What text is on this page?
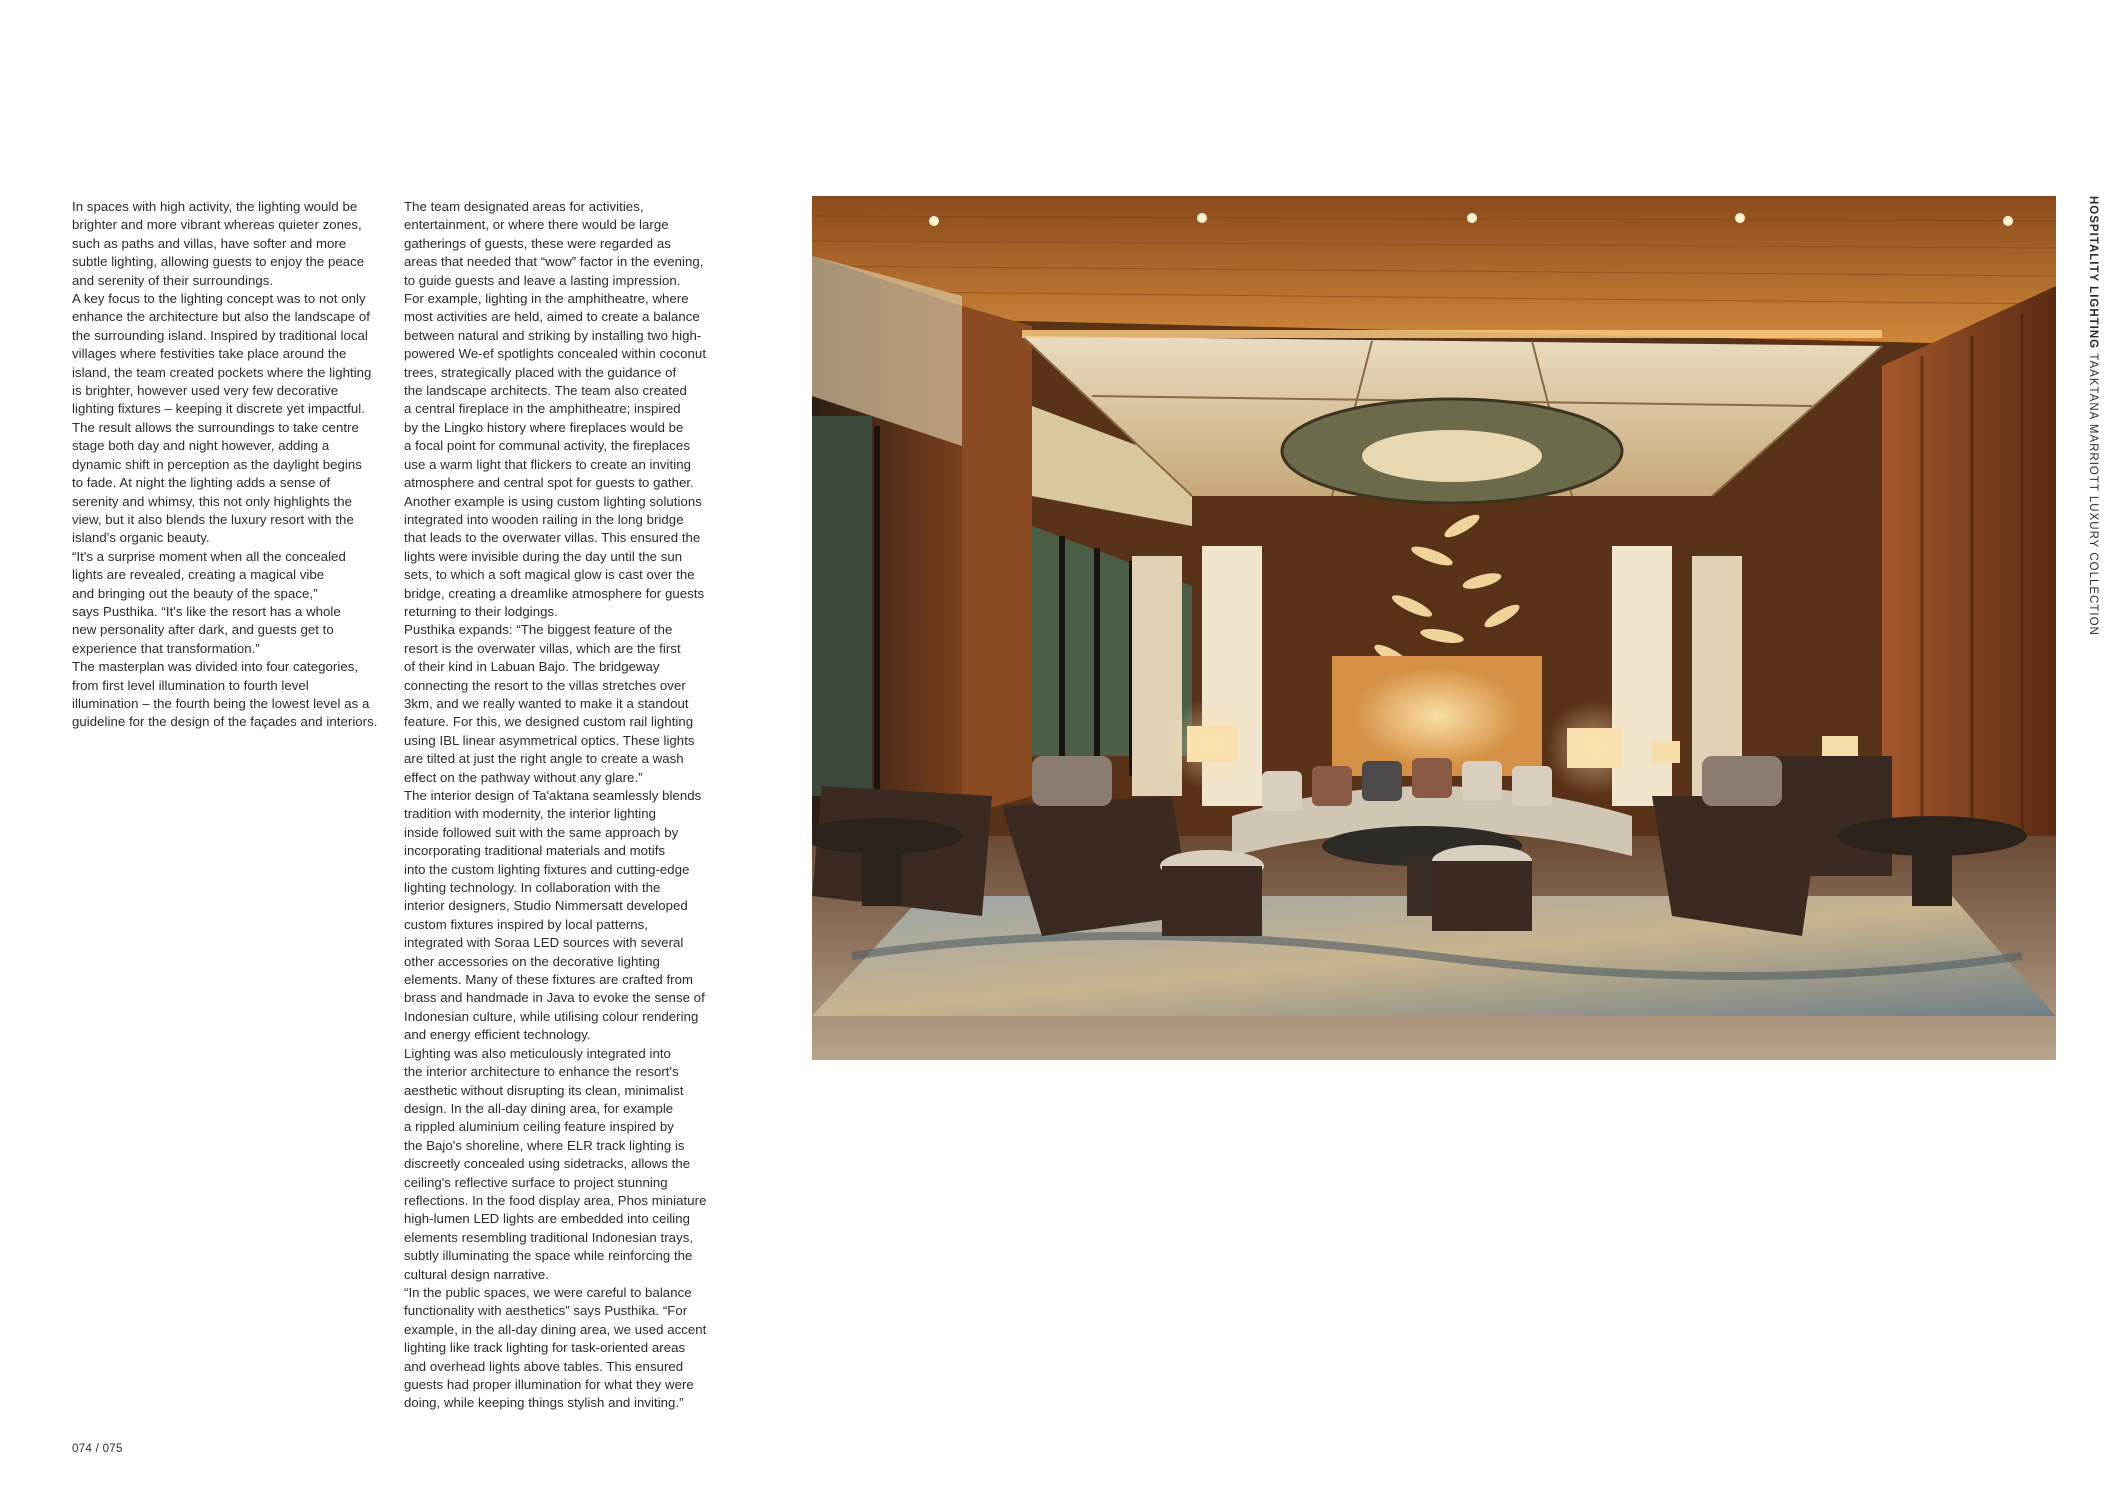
In spaces with high activity, the lighting would be
brighter and more vibrant whereas quieter zones,
such as paths and villas, have softer and more
subtle lighting, allowing guests to enjoy the peace
and serenity of their surroundings.

A key focus to the lighting concept was to not only
enhance the architecture but also the landscape of
the surrounding island. Inspired by traditional local
villages where festivities take place around the
island, the team created pockets where the lighting
is brighter, however used very few decorative
lighting fixtures – keeping it discrete yet impactful.
The result allows the surroundings to take centre
stage both day and night however, adding a
dynamic shift in perception as the daylight begins
to fade. At night the lighting adds a sense of
serenity and whimsy, this not only highlights the
view, but it also blends the luxury resort with the
island's organic beauty.

“It's a surprise moment when all the concealed
lights are revealed, creating a magical vibe
and bringing out the beauty of the space,”
says Pusthika. “It's like the resort has a whole
new personality after dark, and guests get to
experience that transformation.”

The masterplan was divided into four categories,
from first level illumination to fourth level
illumination – the fourth being the lowest level as a
guideline for the design of the façades and interiors.

The team designated areas for activities,
entertainment, or where there would be large
gatherings of guests, these were regarded as
areas that needed that “wow” factor in the evening,
to guide guests and leave a lasting impression.

For example, lighting in the amphitheatre, where
most activities are held, aimed to create a balance
between natural and striking by installing two high-
powered We-ef spotlights concealed within coconut
trees, strategically placed with the guidance of
the landscape architects. The team also created
a central fireplace in the amphitheatre; inspired
by the Lingko history where fireplaces would be
a focal point for communal activity, the fireplaces
use a warm light that flickers to create an inviting
atmosphere and central spot for guests to gather.

Another example is using custom lighting solutions
integrated into wooden railing in the long bridge
that leads to the overwater villas. This ensured the
lights were invisible during the day until the sun
sets, to which a soft magical glow is cast over the
bridge, creating a dreamlike atmosphere for guests
returning to their lodgings.

Pusthika expands: “The biggest feature of the
resort is the overwater villas, which are the first
of their kind in Labuan Bajo. The bridgeway
connecting the resort to the villas stretches over
3km, and we really wanted to make it a standout
feature. For this, we designed custom rail lighting
using IBL linear asymmetrical optics. These lights
are tilted at just the right angle to create a wash
effect on the pathway without any glare.”

The interior design of Ta'aktana seamlessly blends
tradition with modernity, the interior lighting
inside followed suit with the same approach by
incorporating traditional materials and motifs
into the custom lighting fixtures and cutting-edge
lighting technology. In collaboration with the
interior designers, Studio Nimmersatt developed
custom fixtures inspired by local patterns,
integrated with Soraa LED sources with several
other accessories on the decorative lighting
elements. Many of these fixtures are crafted from
brass and handmade in Java to evoke the sense of
Indonesian culture, while utilising colour rendering
and energy efficient technology.

Lighting was also meticulously integrated into
the interior architecture to enhance the resort's
aesthetic without disrupting its clean, minimalist
design. In the all-day dining area, for example
a rippled aluminium ceiling feature inspired by
the Bajo's shoreline, where ELR track lighting is
discreetly concealed using sidetracks, allows the
ceiling's reflective surface to project stunning
reflections. In the food display area, Phos miniature
high-lumen LED lights are embedded into ceiling
elements resembling traditional Indonesian trays,
subtly illuminating the space while reinforcing the
cultural design narrative.

“In the public spaces, we were careful to balance
functionality with aesthetics” says Pusthika. “For
example, in the all-day dining area, we used accent
lighting like track lighting for task-oriented areas
and overhead lights above tables. This ensured
guests had proper illumination for what they were
doing, while keeping things stylish and inviting.”

074 / 075
HOSPITALITY LIGHTING TAAKTANA MARRIOTT LUXURY COLLECTION
